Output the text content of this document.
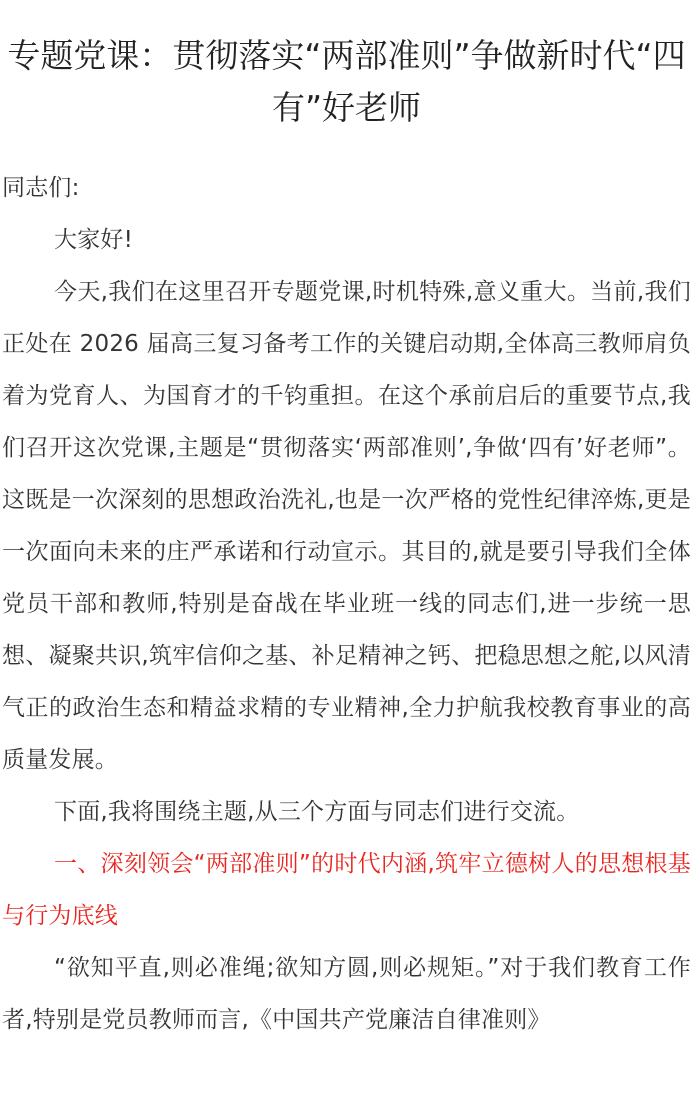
专题党课：贯彻落实“两部准则”争做新时代“四有”好老师

同志们:

大家好!

今天,我们在这里召开专题党课,时机特殊,意义重大。当前,我们正处在 2026 届高三复习备考工作的关键启动期,全体高三教师肩负着为党育人、为国育才的千钧重担。在这个承前启后的重要节点,我们召开这次党课,主题是“贯彻落实‘两部准则’,争做‘四有’好老师”。这既是一次深刻的思想政治洗礼,也是一次严格的党性纪律淬炼,更是一次面向未来的庄严承诺和行动宣示。其目的,就是要引导我们全体党员干部和教师,特别是奋战在毕业班一线的同志们,进一步统一思想、凝聚共识,筑牢信仰之基、补足精神之钙、把稳思想之舵,以风清气正的政治生态和精益求精的专业精神,全力护航我校教育事业的高质量发展。

下面,我将围绕主题,从三个方面与同志们进行交流。

一、深刻领会“两部准则”的时代内涵,筑牢立德树人的思想根基与行为底线

“欲知平直,则必准绳;欲知方圆,则必规矩。”对于我们教育工作者,特别是党员教师而言,《中国共产党廉洁自律准则》
